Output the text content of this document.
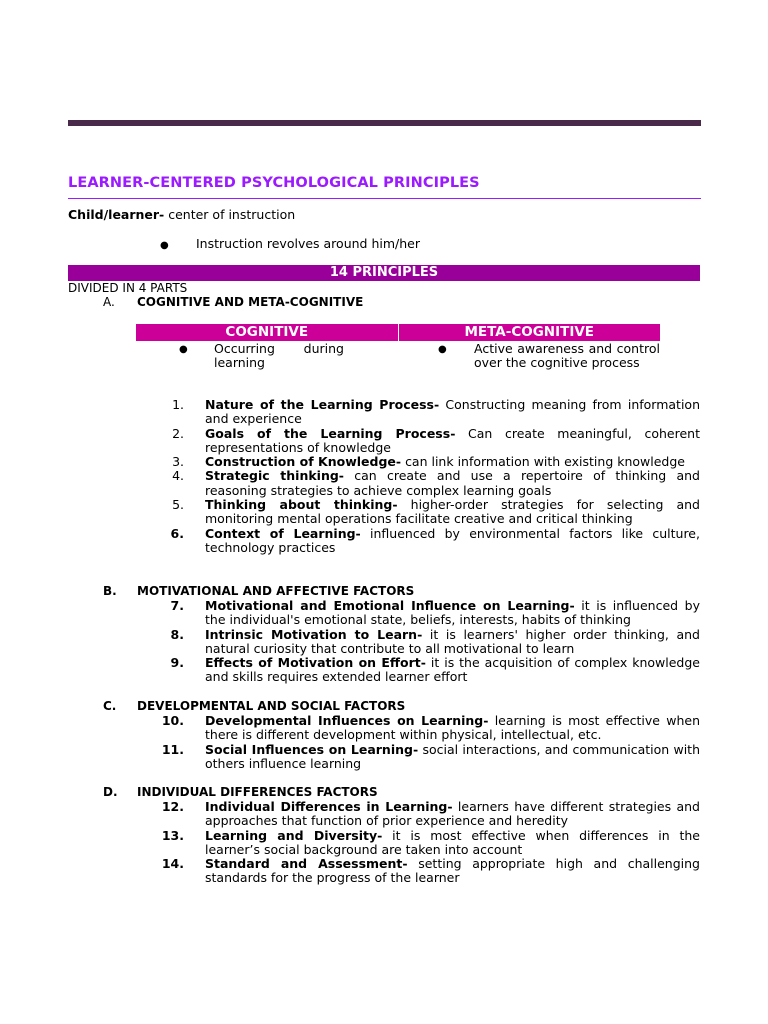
LEARNER-CENTERED PSYCHOLOGICAL PRINCIPLES
Child/learner- center of instruction
● Instruction revolves around him/her
14 PRINCIPLES
DIVIDED IN 4 PARTS
A. COGNITIVE AND META-COGNITIVE
COGNITIVE	META-COGNITIVE
● Occurring during learning
● Active awareness and control over the cognitive process
1. Nature of the Learning Process- Constructing meaning from information and experience
2. Goals of the Learning Process- Can create meaningful, coherent representations of knowledge
3. Construction of Knowledge- can link information with existing knowledge
4. Strategic thinking- can create and use a repertoire of thinking and reasoning strategies to achieve complex learning goals
5. Thinking about thinking- higher-order strategies for selecting and monitoring mental operations facilitate creative and critical thinking
6. Context of Learning- influenced by environmental factors like culture, technology practices
B. MOTIVATIONAL AND AFFECTIVE FACTORS
7. Motivational and Emotional Influence on Learning- it is influenced by the individual's emotional state, beliefs, interests, habits of thinking
8. Intrinsic Motivation to Learn- it is learners' higher order thinking, and natural curiosity that contribute to all motivational to learn
9. Effects of Motivation on Effort- it is the acquisition of complex knowledge and skills requires extended learner effort
C. DEVELOPMENTAL AND SOCIAL FACTORS
10. Developmental Influences on Learning- learning is most effective when there is different development within physical, intellectual, etc.
11. Social Influences on Learning- social interactions, and communication with others influence learning
D. INDIVIDUAL DIFFERENCES FACTORS
12. Individual Differences in Learning- learners have different strategies and approaches that function of prior experience and heredity
13. Learning and Diversity- it is most effective when differences in the learner’s social background are taken into account
14. Standard and Assessment- setting appropriate high and challenging standards for the progress of the learner
